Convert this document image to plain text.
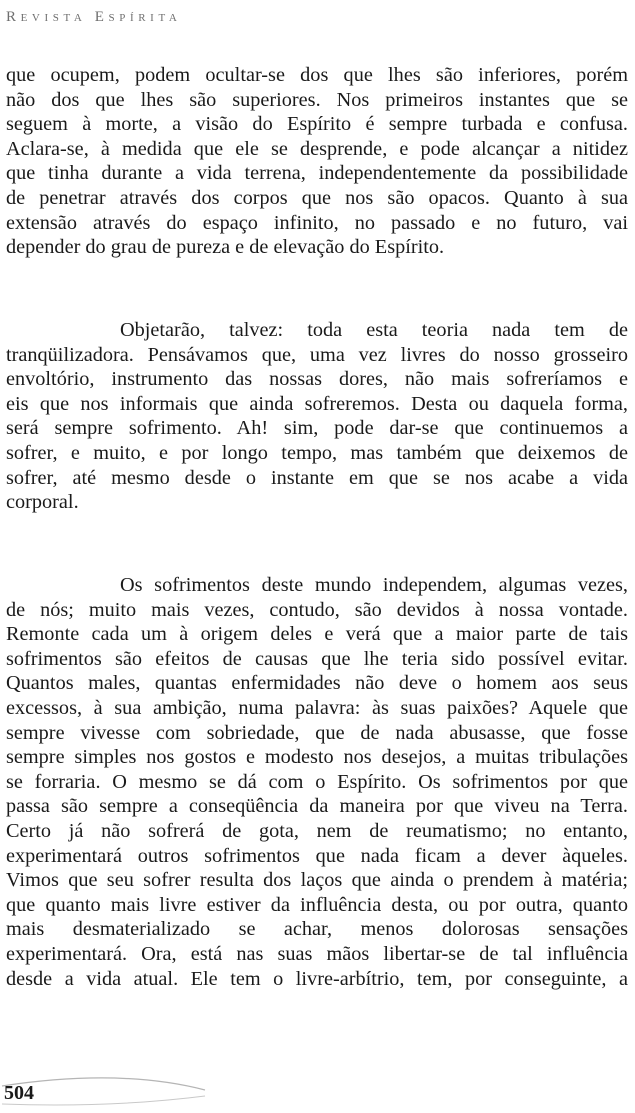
Revista Espírita
que ocupem, podem ocultar-se dos que lhes são inferiores, porém
não dos que lhes são superiores. Nos primeiros instantes que se
seguem à morte, a visão do Espírito é sempre turbada e confusa.
Aclara-se, à medida que ele se desprende, e pode alcançar a nitidez
que tinha durante a vida terrena, independentemente da possibilidade
de penetrar através dos corpos que nos são opacos. Quanto à sua
extensão através do espaço infinito, no passado e no futuro, vai
depender do grau de pureza e de elevação do Espírito.
Objetarão, talvez: toda esta teoria nada tem de
tranqüilizadora. Pensávamos que, uma vez livres do nosso grosseiro
envoltório, instrumento das nossas dores, não mais sofreríamos e
eis que nos informais que ainda sofreremos. Desta ou daquela forma,
será sempre sofrimento. Ah! sim, pode dar-se que continuemos a
sofrer, e muito, e por longo tempo, mas também que deixemos de
sofrer, até mesmo desde o instante em que se nos acabe a vida
corporal.
Os sofrimentos deste mundo independem, algumas vezes,
de nós; muito mais vezes, contudo, são devidos à nossa vontade.
Remonte cada um à origem deles e verá que a maior parte de tais
sofrimentos são efeitos de causas que lhe teria sido possível evitar.
Quantos males, quantas enfermidades não deve o homem aos seus
excessos, à sua ambição, numa palavra: às suas paixões? Aquele que
sempre vivesse com sobriedade, que de nada abusasse, que fosse
sempre simples nos gostos e modesto nos desejos, a muitas tribulações
se forraria. O mesmo se dá com o Espírito. Os sofrimentos por que
passa são sempre a conseqüência da maneira por que viveu na Terra.
Certo já não sofrerá de gota, nem de reumatismo; no entanto,
experimentará outros sofrimentos que nada ficam a dever àqueles.
Vimos que seu sofrer resulta dos laços que ainda o prendem à matéria;
que quanto mais livre estiver da influência desta, ou por outra, quanto
mais desmaterializado se achar, menos dolorosas sensações
experimentará. Ora, está nas suas mãos libertar-se de tal influência
desde a vida atual. Ele tem o livre-arbítrio, tem, por conseguinte, a
504
